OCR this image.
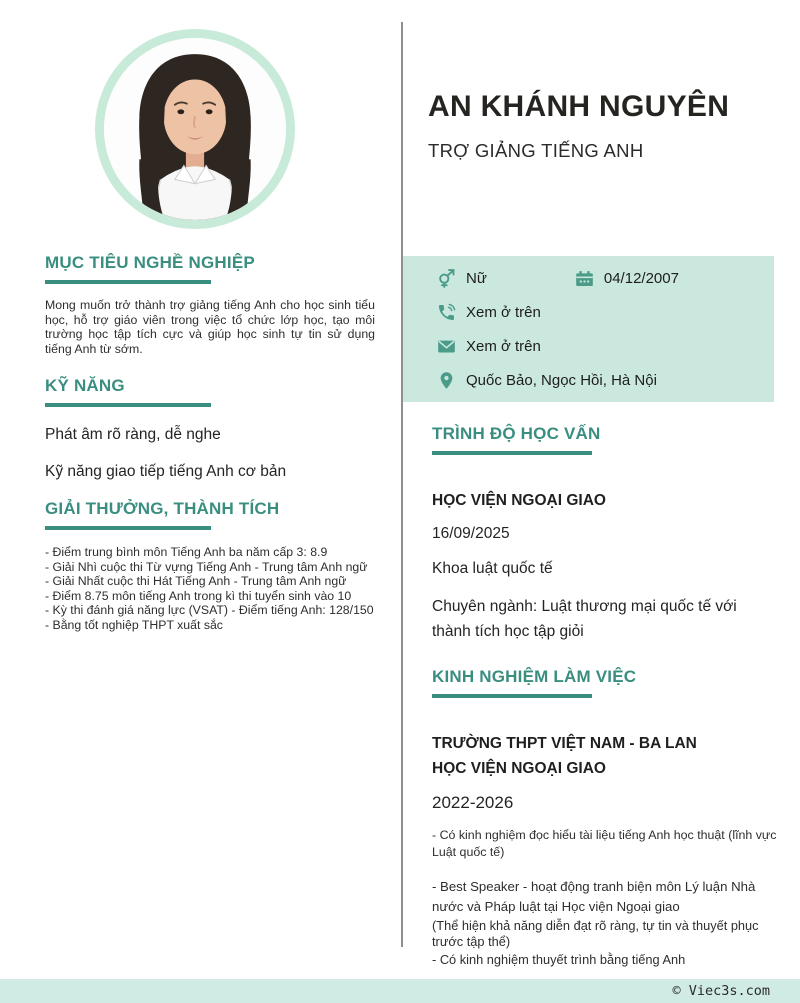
AN KHÁNH NGUYÊN
TRỢ GIẢNG TIẾNG ANH
Nữ	04/12/2007
Xem ở trên
Xem ở trên
Quốc Bảo, Ngọc Hồi, Hà Nội
MỤC TIÊU NGHỀ NGHIỆP
Mong muốn trở thành trợ giảng tiếng Anh cho học sinh tiểu học, hỗ trợ giáo viên trong việc tổ chức lớp học, tạo môi trường học tập tích cực và giúp học sinh tự tin sử dụng tiếng Anh từ sớm.
KỸ NĂNG
Phát âm rõ ràng, dễ nghe
Kỹ năng giao tiếp tiếng Anh cơ bản
GIẢI THƯỞNG, THÀNH TÍCH
- Điểm trung bình môn Tiếng Anh ba năm cấp 3: 8.9
- Giải Nhì cuộc thi Từ vựng Tiếng Anh - Trung tâm Anh ngữ
- Giải Nhất cuộc thi Hát Tiếng Anh - Trung tâm Anh ngữ
- Điểm 8.75 môn tiếng Anh trong kì thi tuyển sinh vào 10
- Kỳ thi đánh giá năng lực (VSAT) - Điểm tiếng Anh: 128/150
- Bằng tốt nghiệp THPT xuất sắc
TRÌNH ĐỘ HỌC VẤN
HỌC VIỆN NGOẠI GIAO
16/09/2025
Khoa luật quốc tế
Chuyên ngành: Luật thương mại quốc tế với thành tích học tập giỏi
KINH NGHIỆM LÀM VIỆC
TRƯỜNG THPT VIỆT NAM - BA LAN
HỌC VIỆN NGOẠI GIAO
2022-2026
- Có kinh nghiệm đọc hiểu tài liệu tiếng Anh học thuật (lĩnh vực Luật quốc tế)
- Best Speaker - hoạt động tranh biện môn Lý luận Nhà nước và Pháp luật tại Học viện Ngoại giao
(Thể hiện khả năng diễn đạt rõ ràng, tự tin và thuyết phục trước tập thể)
- Có kinh nghiệm thuyết trình bằng tiếng Anh
© Viec3s.com
